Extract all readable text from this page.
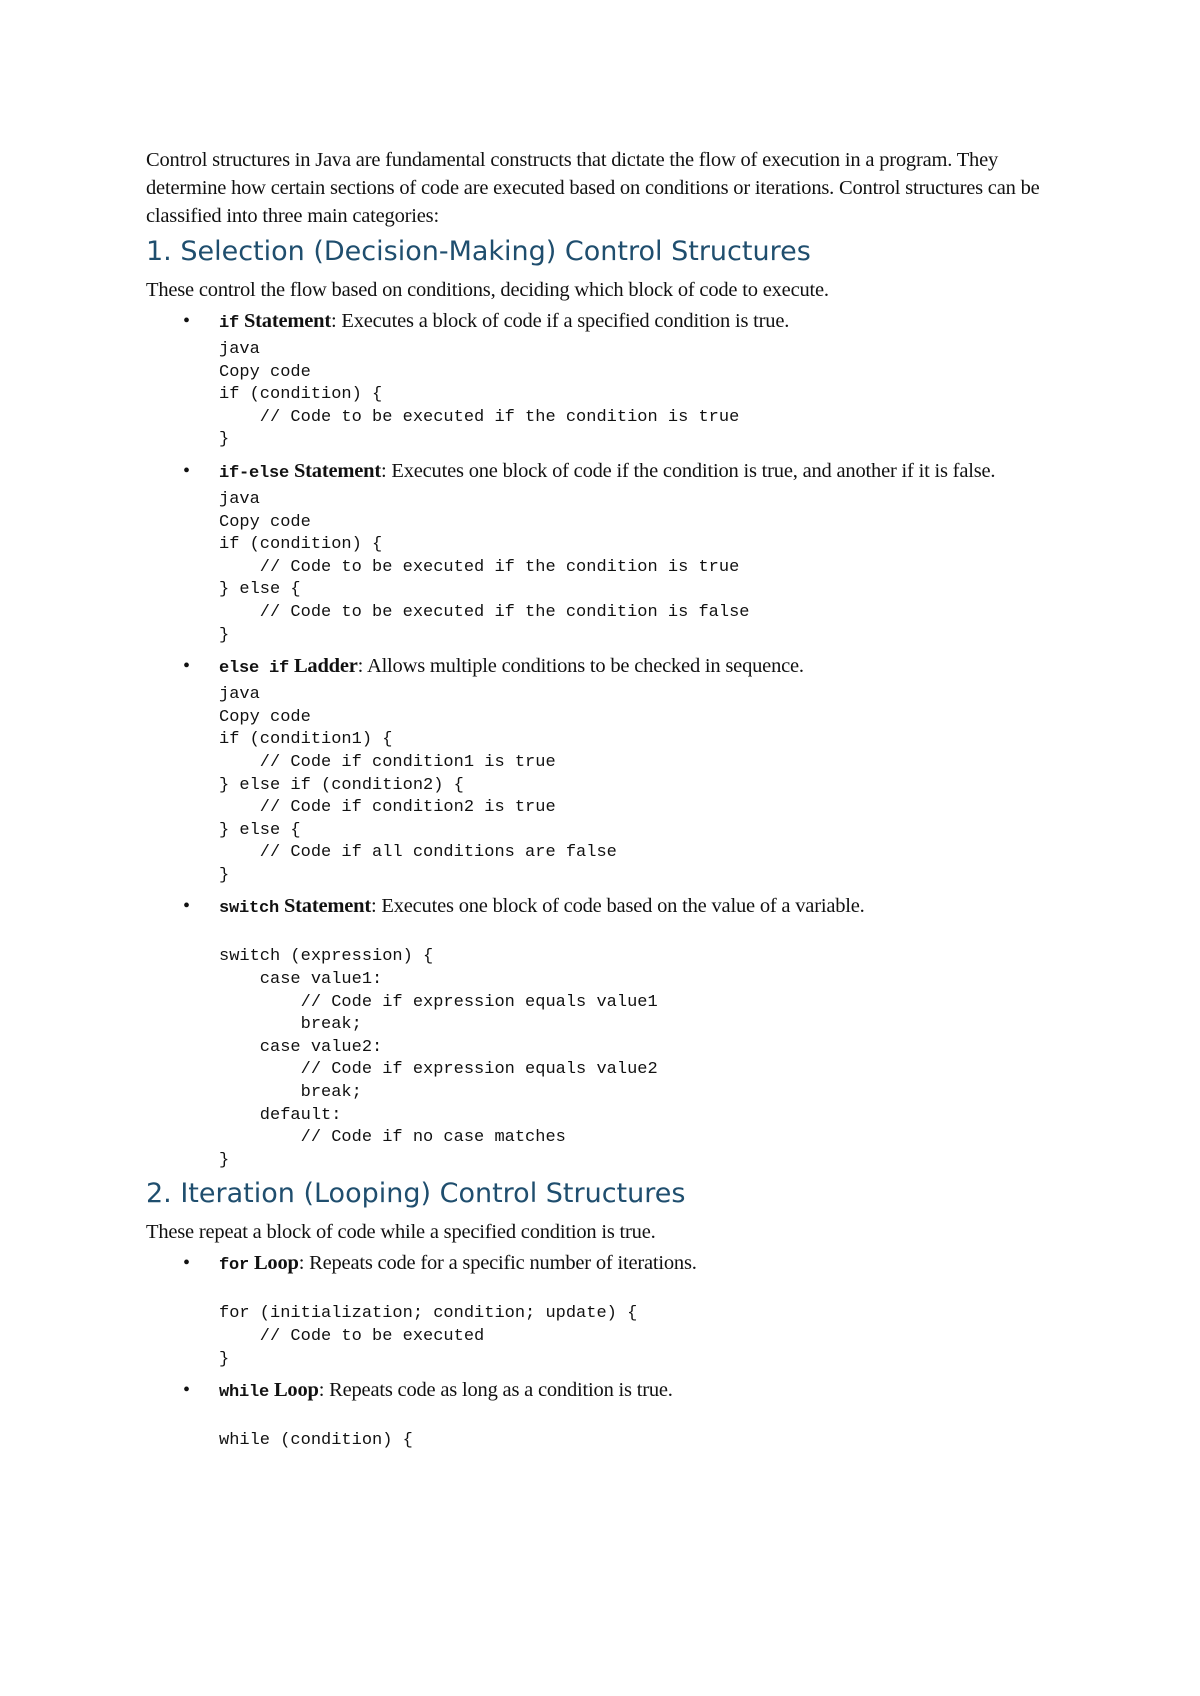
Control structures in Java are fundamental constructs that dictate the flow of execution in a program. They determine how certain sections of code are executed based on conditions or iterations. Control structures can be classified into three main categories:

1. Selection (Decision-Making) Control Structures

These control the flow based on conditions, deciding which block of code to execute.

• if Statement: Executes a block of code if a specified condition is true.
java
Copy code
if (condition) {
// Code to be executed if the condition is true
}
• if-else Statement: Executes one block of code if the condition is true, and another if it is false.
java
Copy code
if (condition) {
// Code to be executed if the condition is true
} else {
// Code to be executed if the condition is false
}
• else if Ladder: Allows multiple conditions to be checked in sequence.
java
Copy code
if (condition1) {
// Code if condition1 is true
} else if (condition2) {
// Code if condition2 is true
} else {
// Code if all conditions are false
}
• switch Statement: Executes one block of code based on the value of a variable.
switch (expression) {
case value1:
// Code if expression equals value1
break;
case value2:
// Code if expression equals value2
break;
default:
// Code if no case matches
}
2. Iteration (Looping) Control Structures

These repeat a block of code while a specified condition is true.

• for Loop: Repeats code for a specific number of iterations.
for (initialization; condition; update) {
// Code to be executed
}
• while Loop: Repeats code as long as a condition is true.
while (condition) {
